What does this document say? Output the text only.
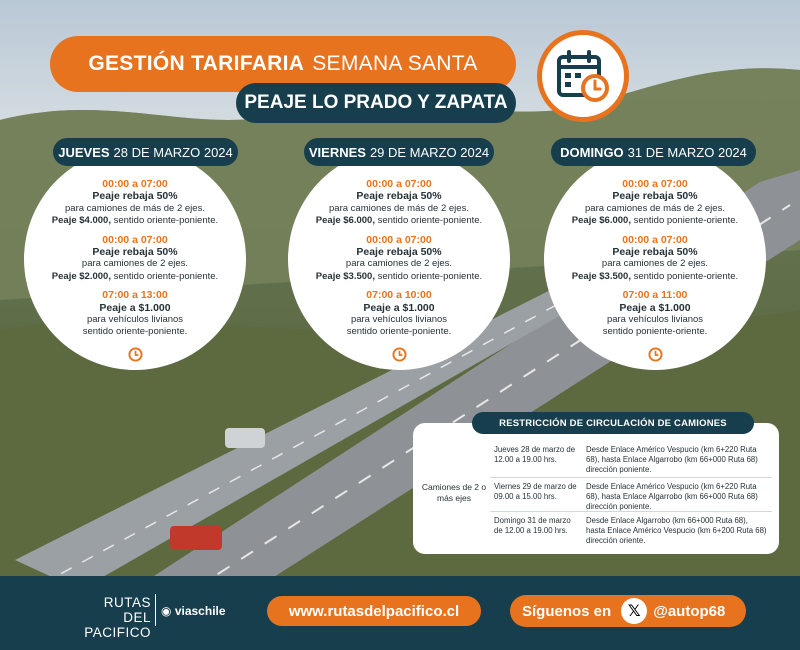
GESTIÓN TARIFARIA SEMANA SANTA
PEAJE LO PRADO Y ZAPATA
JUEVES 28 DE MARZO 2024
00:00 a 07:00
Peaje rebaja 50%
para camiones de más de 2 ejes.
Peaje $4.000, sentido oriente-poniente.
00:00 a 07:00
Peaje rebaja 50%
para camiones de 2 ejes.
Peaje $2.000, sentido oriente-poniente.
07:00 a 13:00
Peaje a $1.000
para vehículos livianos
sentido oriente-poniente.
VIERNES 29 DE MARZO 2024
00:00 a 07:00
Peaje rebaja 50%
para camiones de más de 2 ejes.
Peaje $6.000, sentido oriente-poniente.
00:00 a 07:00
Peaje rebaja 50%
para camiones de 2 ejes.
Peaje $3.500, sentido oriente-poniente.
07:00 a 10:00
Peaje a $1.000
para vehículos livianos
sentido oriente-poniente.
DOMINGO 31 DE MARZO 2024
00:00 a 07:00
Peaje rebaja 50%
para camiones de más de 2 ejes.
Peaje $6.000, sentido poniente-oriente.
00:00 a 07:00
Peaje rebaja 50%
para camiones de 2 ejes.
Peaje $3.500, sentido poniente-oriente.
07:00 a 11:00
Peaje a $1.000
para vehículos livianos
sentido poniente-oriente.
RESTRICCIÓN DE CIRCULACIÓN DE CAMIONES
Camiones de 2 o más ejes
Jueves 28 de marzo de 12.00 a 19.00 hrs.
Desde Enlace Américo Vespucio (km 6+220 Ruta 68), hasta Enlace Algarrobo (km 66+000 Ruta 68) dirección poniente.
Viernes 29 de marzo de 09.00 a 15.00 hrs.
Desde Enlace Américo Vespucio (km 6+220 Ruta 68), hasta Enlace Algarrobo (km 66+000 Ruta 68) dirección poniente.
Domingo 31 de marzo de 12.00 a 19.00 hrs.
Desde Enlace Algarrobo (km 66+000 Ruta 68), hasta Enlace Américo Vespucio (km 6+200 Ruta 68) dirección oriente.
RUTAS
DEL PACIFICO
◉ viaschile	www.rutasdelpacifico.cl	Síguenos en	𝕏 @autop68
